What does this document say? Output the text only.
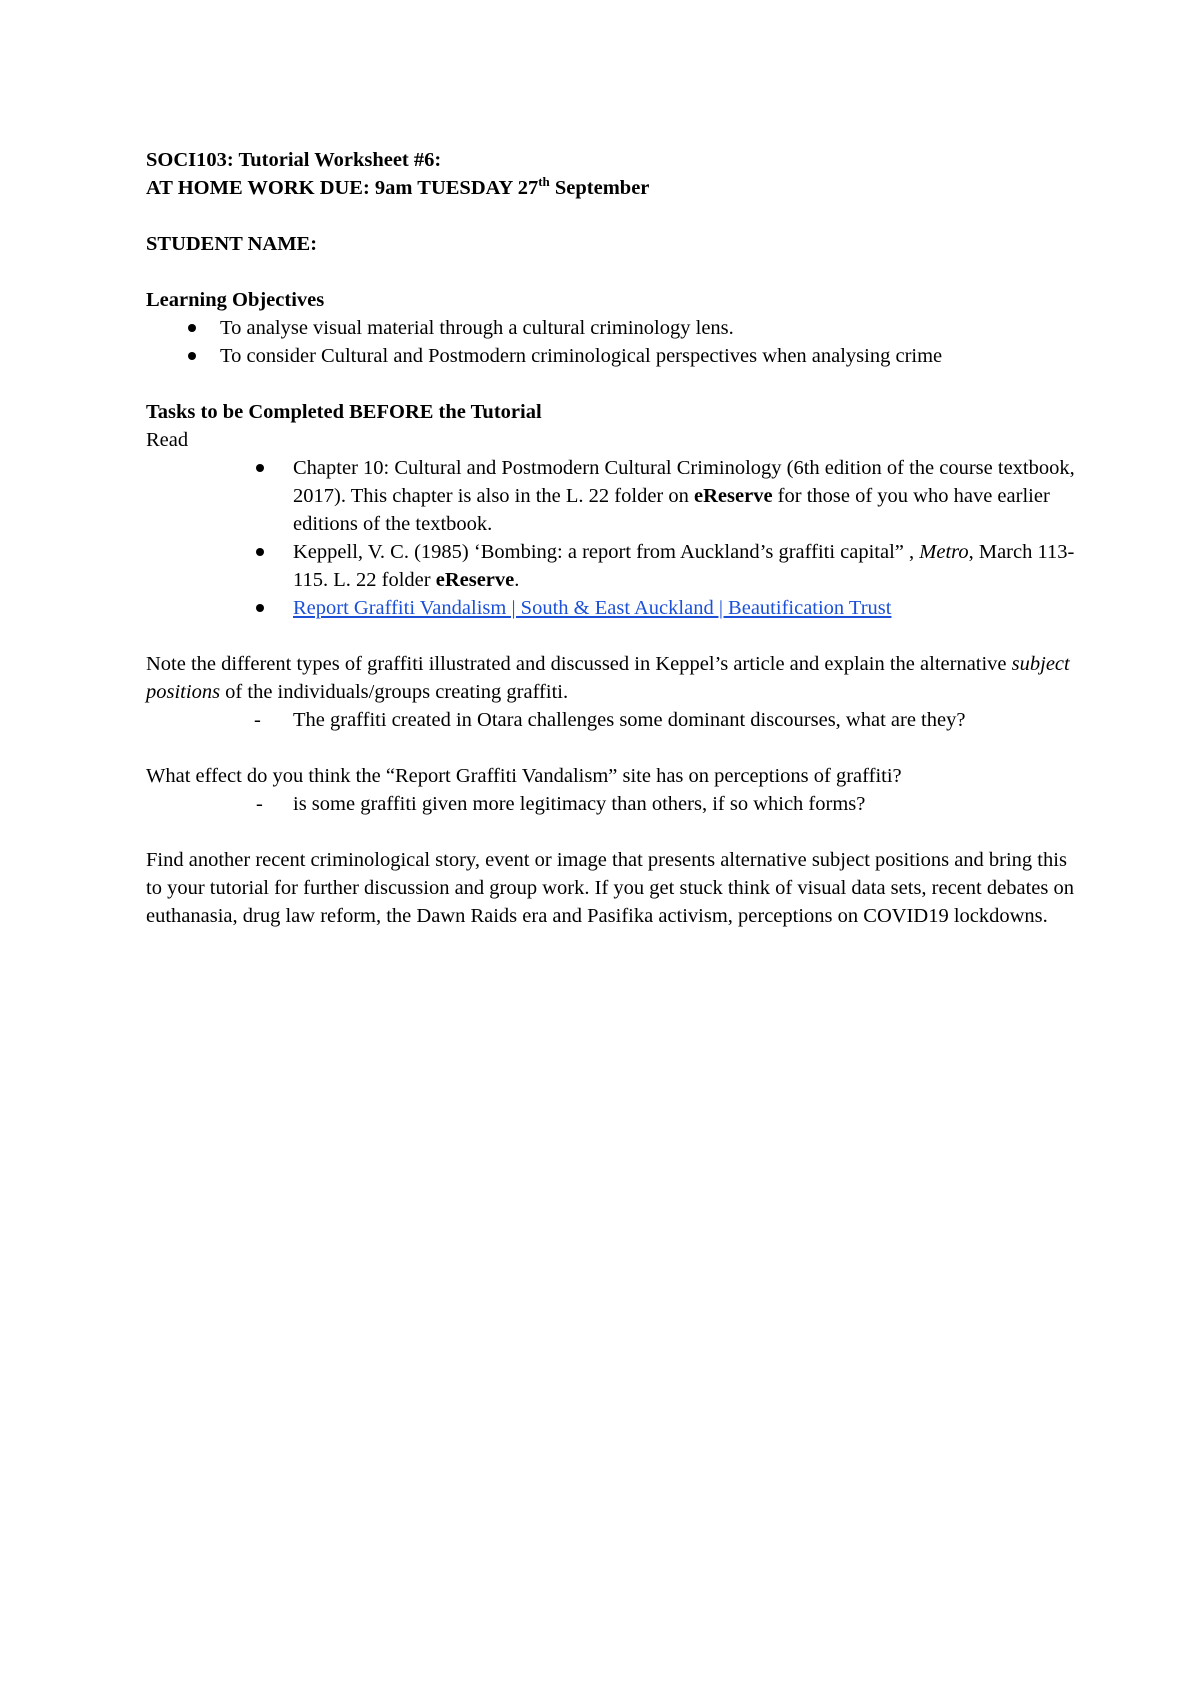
SOCI103: Tutorial Worksheet #6:

AT HOME WORK DUE: 9am TUESDAY 27th September

STUDENT NAME:

Learning Objectives

To analyse visual material through a cultural criminology lens.
To consider Cultural and Postmodern criminological perspectives when analysing crime

Tasks to be Completed BEFORE the Tutorial

Read

Chapter 10: Cultural and Postmodern Cultural Criminology (6th edition of the course textbook, 2017). This chapter is also in the L. 22 folder on eReserve for those of you who have earlier editions of the textbook.
Keppell, V. C. (1985) ‘Bombing: a report from Auckland’s graffiti capital” , Metro, March 113-115. L. 22 folder eReserve.
Report Graffiti Vandalism | South & East Auckland | Beautification Trust

Note the different types of graffiti illustrated and discussed in Keppel’s article and explain the alternative subject positions of the individuals/groups creating graffiti.

- The graffiti created in Otara challenges some dominant discourses, what are they?

What effect do you think the “Report Graffiti Vandalism” site has on perceptions of graffiti?

- is some graffiti given more legitimacy than others, if so which forms?

Find another recent criminological story, event or image that presents alternative subject positions and bring this to your tutorial for further discussion and group work. If you get stuck think of visual data sets, recent debates on euthanasia, drug law reform, the Dawn Raids era and Pasifika activism, perceptions on COVID19 lockdowns.
